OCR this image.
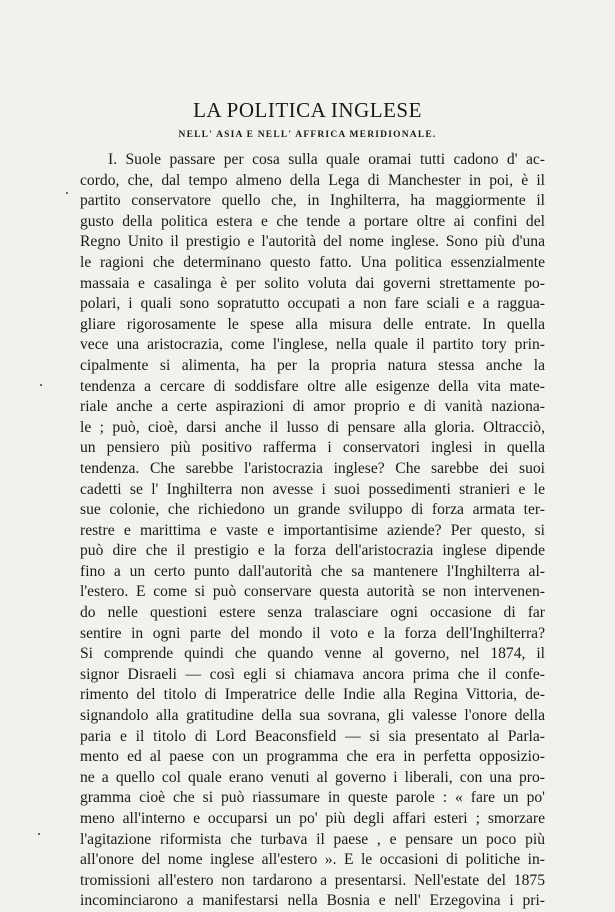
LA POLITICA INGLESE
NELL' ASIA E NELL' AFFRICA MERIDIONALE.
I. Suole passare per cosa sulla quale oramai tutti cadono d' ac-
cordo, che, dal tempo almeno della Lega di Manchester in poi, è il
partito conservatore quello che, in Inghilterra, ha maggiormente il
gusto della politica estera e che tende a portare oltre ai confini del
Regno Unito il prestigio e l'autorità del nome inglese. Sono più d'una
le ragioni che determinano questo fatto. Una politica essenzialmente
massaia e casalinga è per solito voluta dai governi strettamente po-
polari, i quali sono sopratutto occupati a non fare sciali e a ragguа-
gliare rigorosamente le spese alla misura delle entrate. In quella
vece una aristocrazia, come l'inglese, nella quale il partito tory prin-
cipalmente si alimenta, ha per la propria natura stessa anche la
tendenza a cercare di soddisfare oltre alle esigenze della vita mate-
riale anche a certe aspirazioni di amor proprio e di vanità naziona-
le ; può, cioè, darsi anche il lusso di pensare alla gloria. Oltracciò,
un pensiero più positivo rafferma i conservatori inglesi in quella
tendenza. Che sarebbe l'aristocrazia inglese? Che sarebbe dei suoi
cadetti se l' Inghilterra non avesse i suoi possedimenti stranieri e le
sue colonie, che richiedono un grande sviluppo di forza armata ter-
restre e marittima e vaste e importantisime aziende? Per questo, si
può dire che il prestigio e la forza dell'aristocrazia inglese dipende
fino a un certo punto dall'autorità che sa mantenere l'Inghilterra al-
l'estero. E come si può conservare questa autorità se non intervenen-
do nelle questioni estere senza tralasciare ogni occasione di far
sentire in ogni parte del mondo il voto e la forza dell'Inghilterra?
Si comprende quindi che quando venne al governo, nel 1874, il
signor Disraeli — così egli si chiamava ancora prima che il confe-
rimento del titolo di Imperatrice delle Indie alla Regina Vittoria, de-
signandolo alla gratitudine della sua sovrana, gli valesse l'onore della
paria e il titolo di Lord Beaconsfield — si sia presentato al Parla-
mento ed al paese con un programma che era in perfetta opposizio-
ne a quello col quale erano venuti al governo i liberali, con una pro-
gramma cioè che si può riassumare in queste parole : « fare un po'
meno all'interno e occuparsi un po' più degli affari esteri ; smorzare
l'agitazione riformista che turbava il paese , e pensare un poco più
all'onore del nome inglese all'estero ». E le occasioni di politiche in-
tromissioni all'estero non tardarono a presentarsi. Nell'estate del 1875
incominciarono a manifestarsi nella Bosnia e nell' Erzegovina i pri-
